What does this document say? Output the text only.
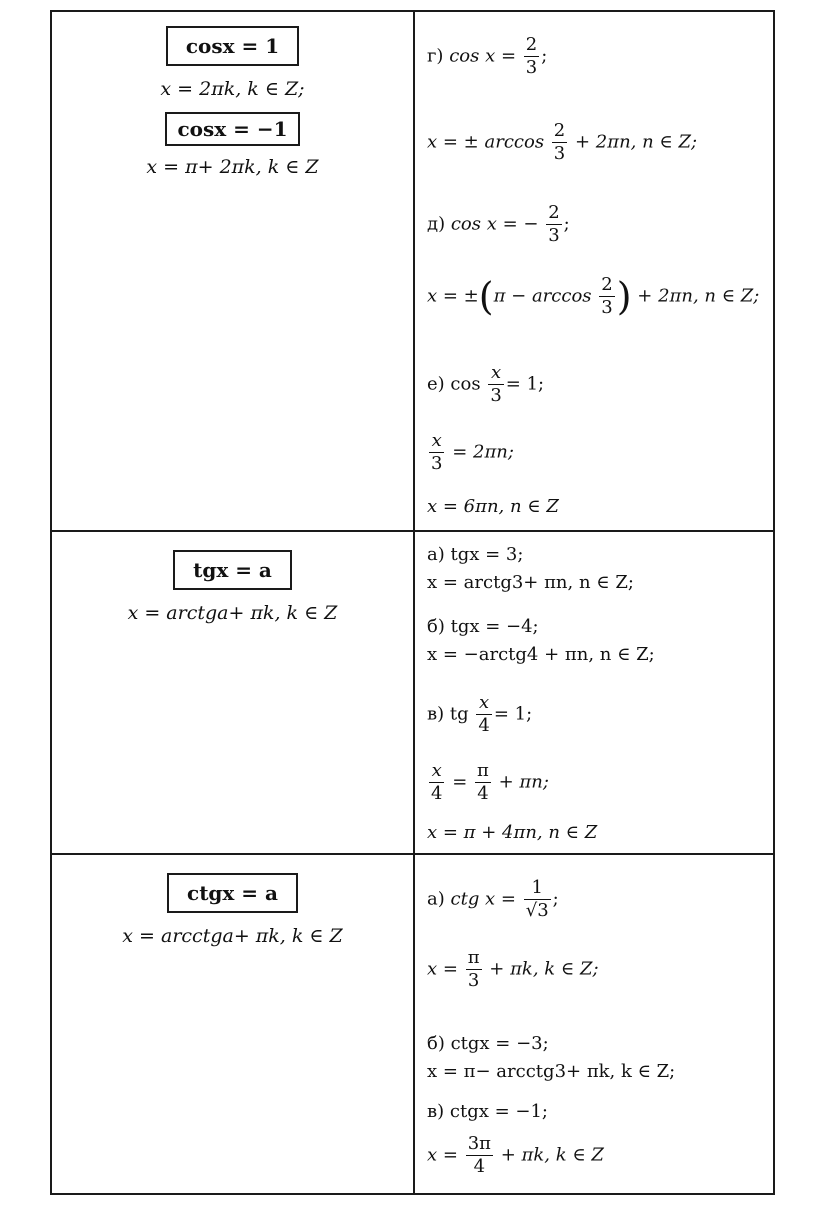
cosx = 1
x = 2πk, k ∈ Z;
cosx = −1
x = π+ 2πk, k ∈ Z
г) $\cos x = \frac{2}{3}$ ;
x = ± $\arccos \frac{2}{3} + 2\pi n$, n ∈ Z;
д) cos x = − $\frac{2}{3}$ ;
$x = \pm(\pi - \arccos \frac{2}{3}$ ) + 2πn, n ∈ Z;
е) $\cos \frac{x}{3} = 1$;
$\frac{x}{3} = 2\pi n$;
x = 6πn, n ∈ Z
tgx = a
x = arctga+ πk, k ∈ Z
а) tgx = 3;
x = arctg3+ πn, n ∈ Z;
б) tgx = −4;
x = −arctg4 + πn, n ∈ Z;
в) tg $\frac{x}{4} = 1$;
$\frac{x}{4} = \frac{\pi}{4} + \pi n$;
x = π + 4πn, n ∈ Z
ctgx = a
x = arcctga+ πk, k ∈ Z
а) ctg $x = \frac{1}{√3}$ ;
$x = \frac{\pi}{3} + \pi k$, k ∈ Z;
б) ctgx = −3;
x = π− arcctg3+ πk, k ∈ Z;
в) ctgx = −1;
$x = \frac{3\pi}{4} + \pi k$, k ∈ Z
